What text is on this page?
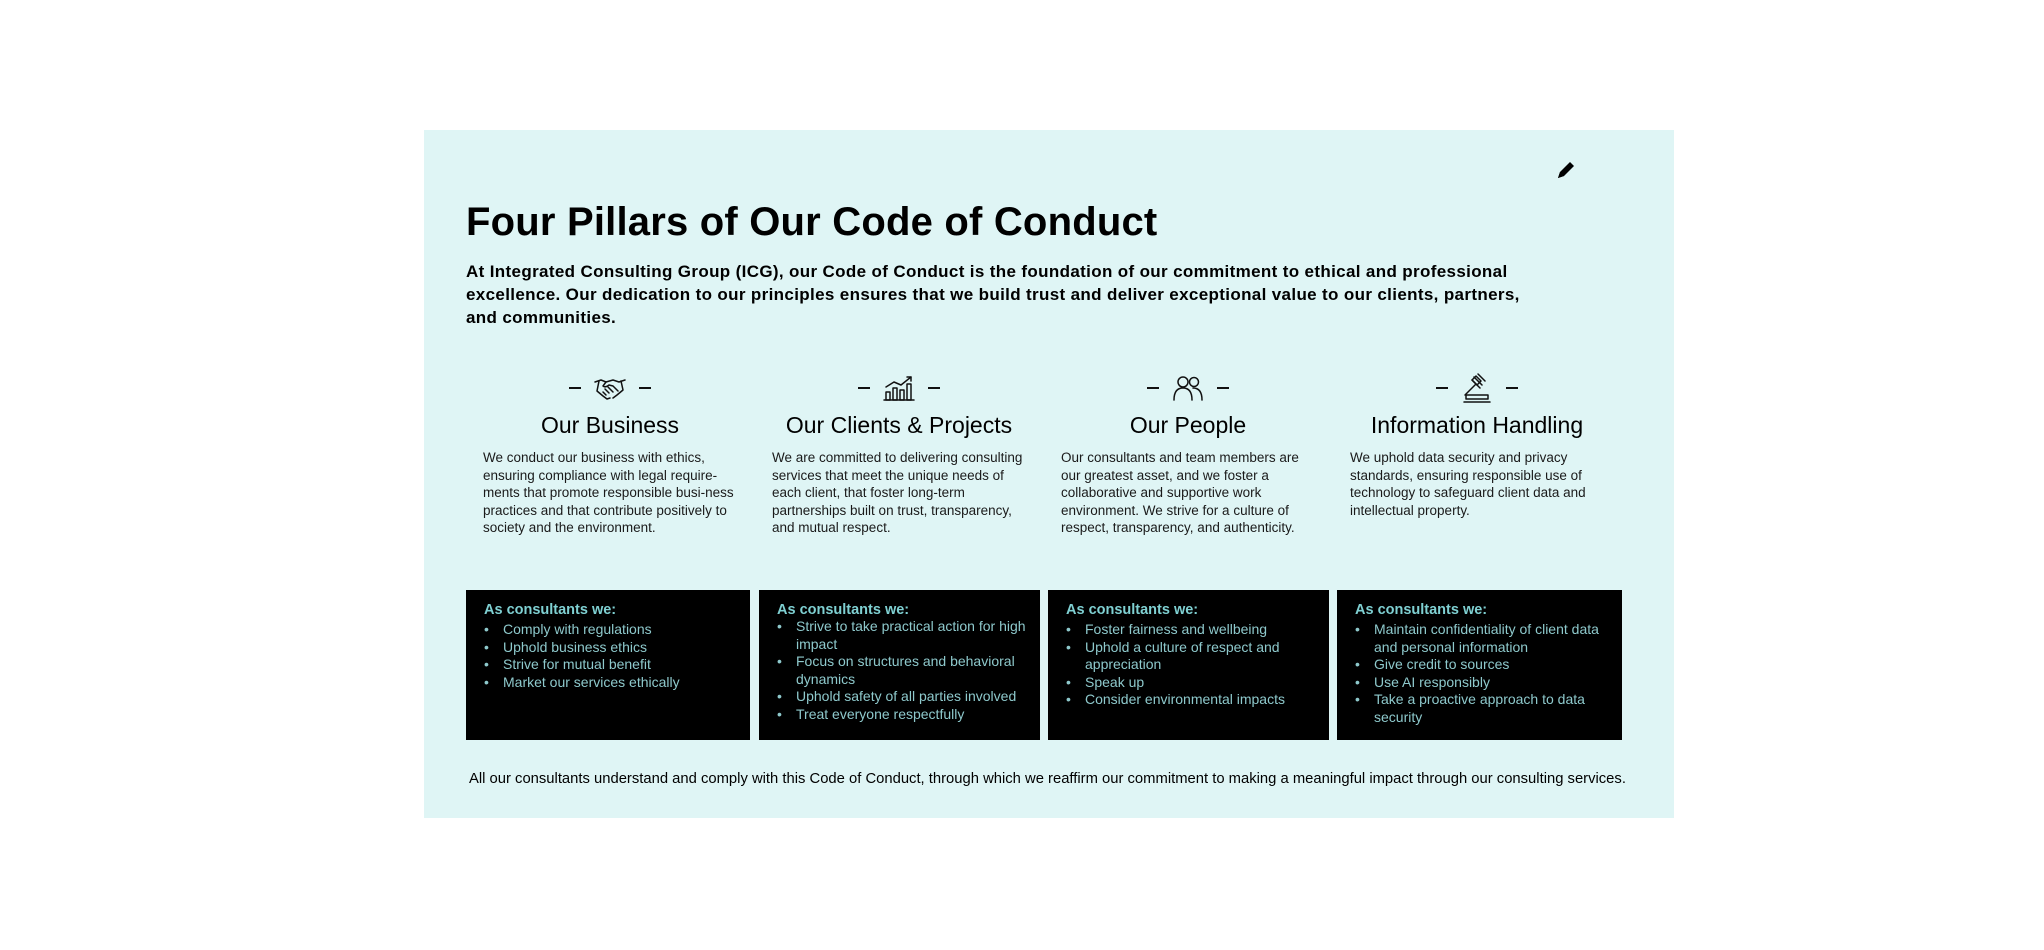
Four Pillars of Our Code of Conduct
At Integrated Consulting Group (ICG), our Code of Conduct is the foundation of our commitment to ethical and professional excellence. Our dedication to our principles ensures that we build trust and deliver exceptional value to our clients, partners, and communities.
Our Business

We conduct our business with ethics, ensuring compliance with legal require-ments that promote responsible busi-ness practices and that contribute positively to society and the environment.

Our Clients & Projects

We are committed to delivering consulting services that meet the unique needs of each client, that foster long-term partnerships built on trust, transparency, and mutual respect.

Our People

Our consultants and team members are our greatest asset, and we foster a collaborative and supportive work environment. We strive for a culture of respect, transparency, and authenticity.

Information Handling

We uphold data security and privacy standards, ensuring responsible use of technology to safeguard client data and intellectual property.

As consultants we:
• Comply with regulations
• Uphold business ethics
• Strive for mutual benefit
• Market our services ethically
As consultants we:
• Strive to take practical action for high impact
• Focus on structures and behavioral dynamics
• Uphold safety of all parties involved
• Treat everyone respectfully
As consultants we:
• Foster fairness and wellbeing
• Uphold a culture of respect and appreciation
• Speak up
• Consider environmental impacts
As consultants we:
• Maintain confidentiality of client data and personal information
• Give credit to sources
• Use AI responsibly
• Take a proactive approach to data security
All our consultants understand and comply with this Code of Conduct, through which we reaffirm our commitment to making a meaningful impact through our consulting services.
